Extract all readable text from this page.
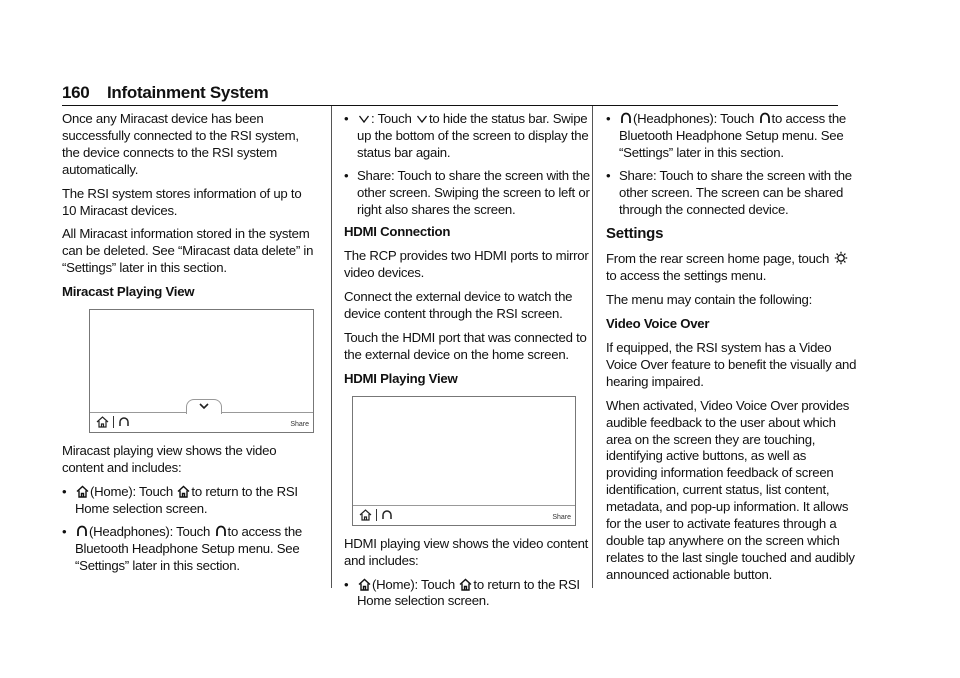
160 Infotainment System

Once any Miracast device has been successfully connected to the RSI system, the device connects to the RSI system automatically.

The RSI system stores information of up to 10 Miracast devices.

All Miracast information stored in the system can be deleted. See “Miracast data delete” in “Settings” later in this section.

Miracast Playing View

Share

Miracast playing view shows the video content and includes:

• (Home): Touch to return to the RSI Home selection screen.
• (Headphones): Touch to access the Bluetooth Headphone Setup menu. See “Settings” later in this section.
• : Touch to hide the status bar. Swipe up the bottom of the screen to display the status bar again.
• Share: Touch to share the screen with the other screen. Swiping the screen to left or right also shares the screen.

HDMI Connection

The RCP provides two HDMI ports to mirror video devices.

Connect the external device to watch the device content through the RSI screen.

Touch the HDMI port that was connected to the external device on the home screen.

HDMI Playing View

Share

HDMI playing view shows the video content and includes:

• (Home): Touch to return to the RSI Home selection screen.
• (Headphones): Touch to access the Bluetooth Headphone Setup menu. See “Settings” later in this section.
• Share: Touch to share the screen with the other screen. The screen can be shared through the connected device.

Settings

From the rear screen home page, touch  to access the settings menu.

The menu may contain the following:

Video Voice Over

If equipped, the RSI system has a Video Voice Over feature to benefit the visually and hearing impaired.

When activated, Video Voice Over provides audible feedback to the user about which area on the screen they are touching, identifying active buttons, as well as providing information feedback of screen identification, current status, list content, metadata, and pop-up information. It allows for the user to activate features through a double tap anywhere on the screen which relates to the last single touched and audibly announced actionable button.
